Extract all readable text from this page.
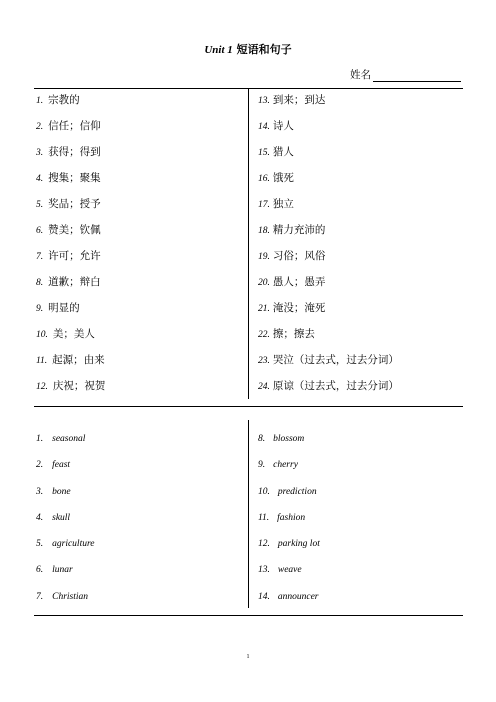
Unit 1 短语和句子
姓名
1. 宗教的
2. 信任；信仰
3. 获得；得到
4. 搜集；聚集
5. 奖品；授予
6. 赞美；钦佩
7. 许可；允许
8. 道歉；辩白
9. 明显的
10. 美；美人
11. 起源；由来
12. 庆祝；祝贺
13. 到来；到达
14. 诗人
15. 猎人
16. 饿死
17. 独立
18. 精力充沛的
19. 习俗；风俗
20. 愚人；愚弄
21. 淹没；淹死
22. 擦；擦去
23. 哭泣（过去式，过去分词）
24. 原谅（过去式，过去分词）
1. seasonal
2. feast
3. bone
4. skull
5. agriculture
6. lunar
7. Christian
8. blossom
9. cherry
10. prediction
11. fashion
12. parking lot
13. weave
14. announcer
1
